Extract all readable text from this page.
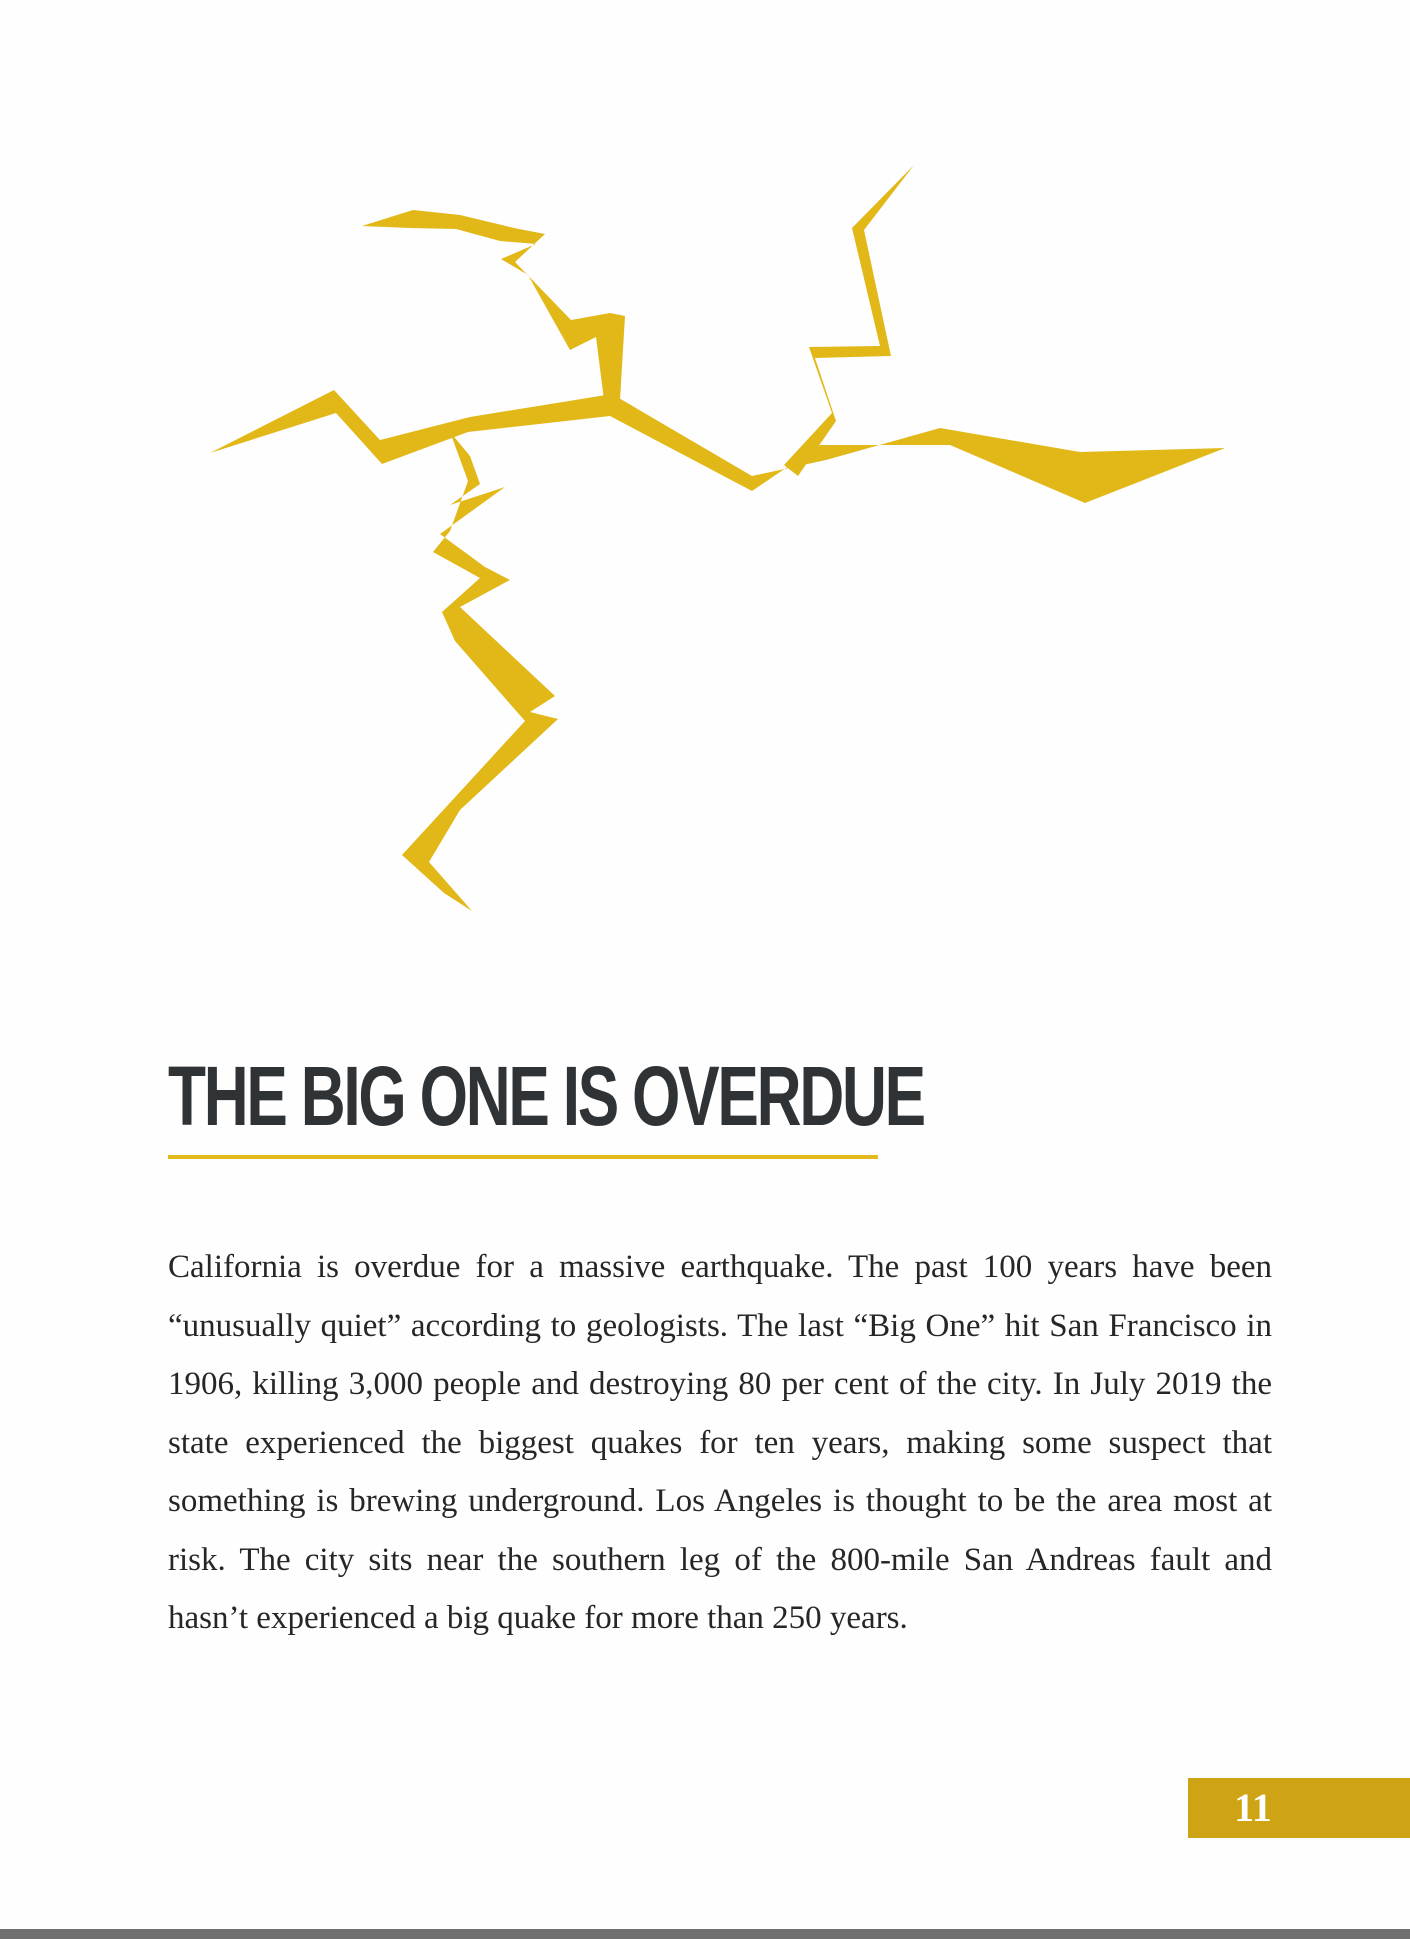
THE BIG ONE IS OVERDUE

California is overdue for a massive earthquake. The past 100 years have been “unusually quiet” according to geologists. The last “Big One” hit San Francisco in 1906, killing 3,000 people and destroying 80 per cent of the city. In July 2019 the state experienced the biggest quakes for ten years, making some suspect that something is brewing underground. Los Angeles is thought to be the area most at risk. The city sits near the southern leg of the 800-mile San Andreas fault and hasn’t experienced a big quake for more than 250 years.

11
